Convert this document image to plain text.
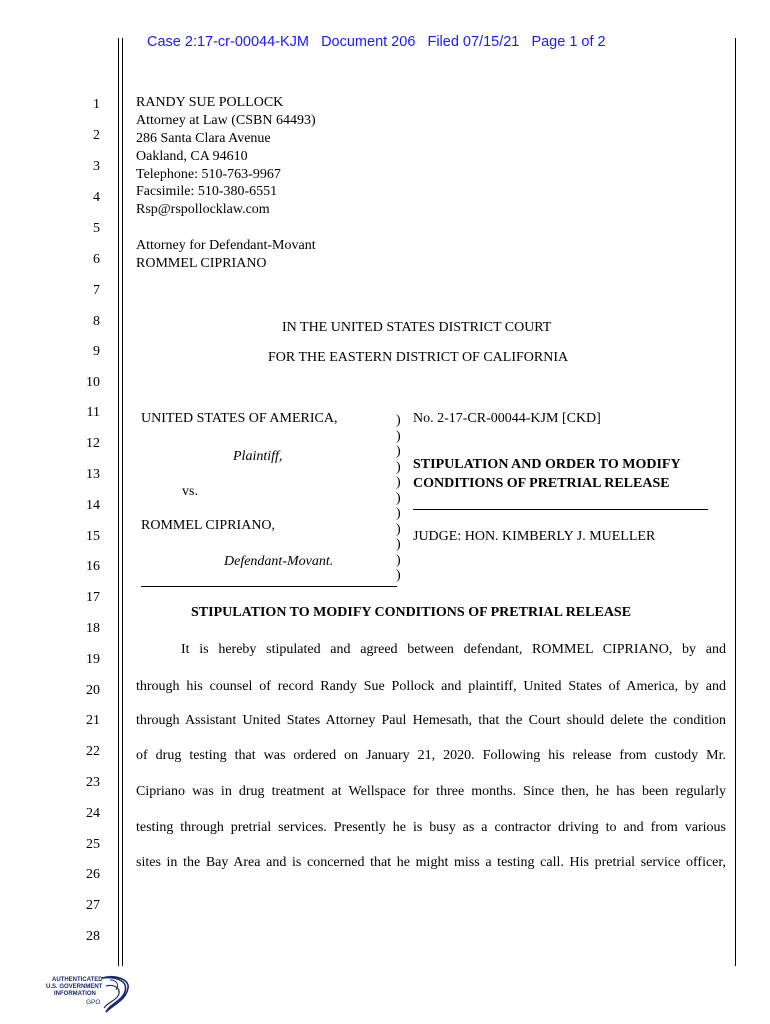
Case 2:17-cr-00044-KJM   Document 206   Filed 07/15/21   Page 1 of 2
1
2
3
4
5
6
7
8
9
10
11
12
13
14
15
16
17
18
19
20
21
22
23
24
25
26
27
28
RANDY SUE POLLOCK
Attorney at Law (CSBN 64493)
286 Santa Clara Avenue
Oakland, CA 94610
Telephone: 510-763-9967
Facsimile: 510-380-6551
Rsp@rspollocklaw.com
Attorney for Defendant-Movant
ROMMEL CIPRIANO
IN THE UNITED STATES DISTRICT COURT
FOR THE EASTERN DISTRICT OF CALIFORNIA
UNITED STATES OF AMERICA,
Plaintiff,
vs.
ROMMEL CIPRIANO,
Defendant-Movant.
)
)
)
)
)
)
)
)
)
)
)
No. 2-17-CR-00044-KJM [CKD]
STIPULATION AND ORDER TO MODIFY
CONDITIONS OF PRETRIAL RELEASE
JUDGE: HON. KIMBERLY J. MUELLER
STIPULATION TO MODIFY CONDITIONS OF PRETRIAL RELEASE
It is hereby stipulated and agreed between defendant, ROMMEL CIPRIANO, by and
through his counsel of record Randy Sue Pollock and plaintiff, United States of America, by and
through Assistant United States Attorney Paul Hemesath, that the Court should delete the condition
of drug testing that was ordered on January 21, 2020. Following his release from custody Mr.
Cipriano was in drug treatment at Wellspace for three months. Since then, he has been regularly
testing through pretrial services. Presently he is busy as a contractor driving to and from various
sites in the Bay Area and is concerned that he might miss a testing call. His pretrial service officer,
AUTHENTICATED
U.S. GOVERNMENT
INFORMATION
GPO
